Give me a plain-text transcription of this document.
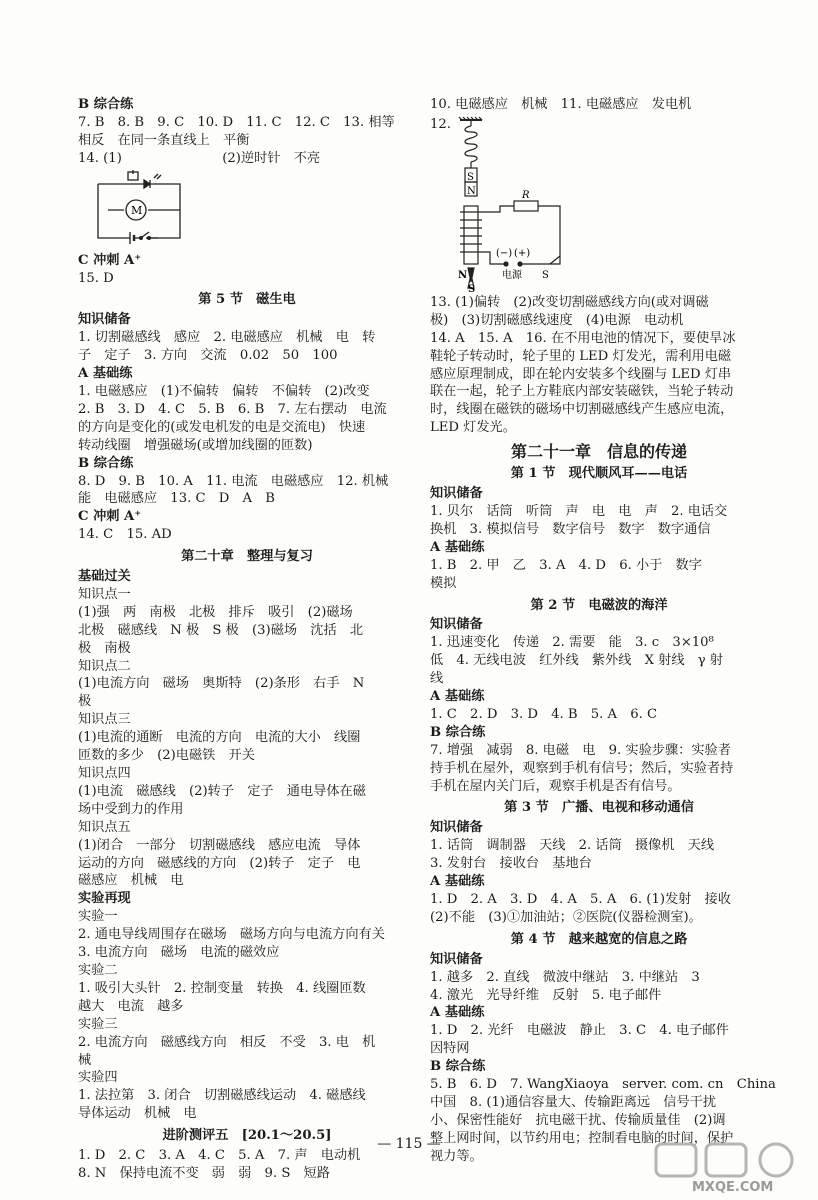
B 综合练
7. B　8. B　9. C　10. D　11. C　12. C　13. 相等
相反　在同一条直线上　平衡
14. (1)	(2)逆时针　不亮
M
C 冲刺 A⁺
15. D
第 5 节　磁生电
知识储备
1. 切割磁感线　感应　2. 电磁感应　机械　电　转
子　定子　3. 方向　交流　0.02　50　100
A 基础练
1. 电磁感应　(1)不偏转　偏转　不偏转　(2)改变
2. B　3. D　4. C　5. B　6. B　7. 左右摆动　电流
的方向是变化的(或发电机发的电是交流电)　快速
转动线圈　增强磁场(或增加线圈的匝数)
B 综合练
8. D　9. B　10. A　11. 电流　电磁感应　12. 机械
能　电磁感应　13. C　D　A　B
C 冲刺 A⁺
14. C　15. AD
第二十章　整理与复习
基础过关
知识点一
(1)强　两　南极　北极　排斥　吸引　(2)磁场
北极　磁感线　N 极　S 极　(3)磁场　沈括　北
极　南极
知识点二
(1)电流方向　磁场　奥斯特　(2)条形　右手　N
极
知识点三
(1)电流的通断　电流的方向　电流的大小　线圈
匝数的多少　(2)电磁铁　开关
知识点四
(1)电流　磁感线　(2)转子　定子　通电导体在磁
场中受到力的作用
知识点五
(1)闭合　一部分　切割磁感线　感应电流　导体
运动的方向　磁感线的方向　(2)转子　定子　电
磁感应　机械　电
实验再现
实验一
2. 通电导线周围存在磁场　磁场方向与电流方向有关
3. 电流方向　磁场　电流的磁效应
实验二
1. 吸引大头针　2. 控制变量　转换　4. 线圈匝数
越大　电流　越多
实验三
2. 电流方向　磁感线方向　相反　不受　3. 电　机
械
实验四
1. 法拉第　3. 闭合　切割磁感线运动　4. 磁感线
导体运动　机械　电
进阶测评五　[20.1～20.5]
1. D　2. C　3. A　4. C　5. A　7. 声　电动机
8. N　保持电流不变　弱　弱　9. S　短路
10. 电磁感应　机械　11. 电磁感应　发电机
12.
S
N	R
(−) (+)
电源 S
N
S
13. (1)偏转　(2)改变切割磁感线方向(或对调磁
极)　(3)切割磁感线速度　(4)电源　电动机
14. A　15. A　16. 在不用电池的情况下，要使旱冰
鞋轮子转动时，轮子里的 LED 灯发光，需利用电磁
感应原理制成，即在轮内安装多个线圈与 LED 灯串
联在一起，轮子上方鞋底内部安装磁铁，当轮子转动
时，线圈在磁铁的磁场中切割磁感线产生感应电流，
LED 灯发光。
第二十一章　信息的传递
第 1 节　现代顺风耳——电话
知识储备
1. 贝尔　话筒　听筒　声　电　电　声　2. 电话交
换机　3. 模拟信号　数字信号　数字　数字通信
A 基础练
1. B　2. 甲　乙　3. A　4. D　6. 小于　数字
模拟
第 2 节　电磁波的海洋
知识储备
1. 迅速变化　传递　2. 需要　能　3. c　3×10⁸
低　4. 无线电波　红外线　紫外线　X 射线　γ 射
线
A 基础练
1. C　2. D　3. D　4. B　5. A　6. C
B 综合练
7. 增强　减弱　8. 电磁　电　9. 实验步骤：实验者
持手机在屋外，观察到手机有信号；然后，实验者持
手机在屋内关门后，观察手机是否有信号。
第 3 节　广播、电视和移动通信
知识储备
1. 话筒　调制器　天线　2. 话筒　摄像机　天线
3. 发射台　接收台　基地台
A 基础练
1. D　2. A　3. D　4. A　5. A　6. (1)发射　接收
(2)不能　(3)①加油站；②医院(仪器检测室)。
第 4 节　越来越宽的信息之路
知识储备
1. 越多　2. 直线　微波中继站　3. 中继站　3
4. 激光　光导纤维　反射　5. 电子邮件
A 基础练
1. D　2. 光纤　电磁波　静止　3. C　4. 电子邮件
因特网
B 综合练
5. B　6. D　7. WangXiaoya　server. com. cn　China
中国　8. (1)通信容量大、传输距离远　信号干扰
小、保密性能好　抗电磁干扰、传输质量佳　(2)调
整上网时间，以节约用电；控制看电脑的时间，保护
视力等。
— 115 —
MXQE.COM
